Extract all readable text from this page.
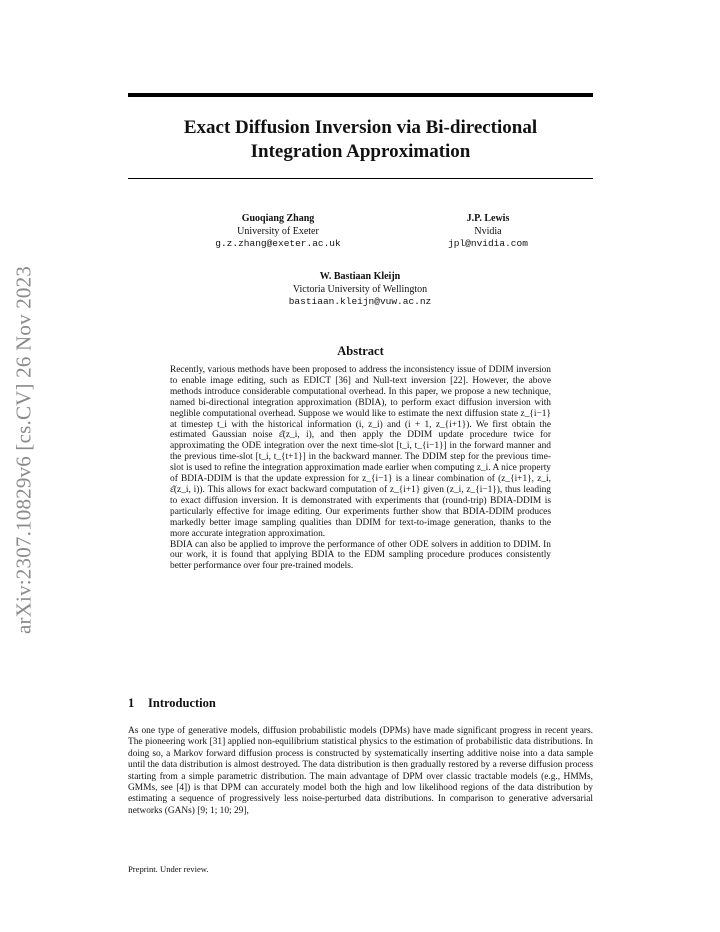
arXiv:2307.10829v6 [cs.CV] 26 Nov 2023
Exact Diffusion Inversion via Bi-directional
Integration Approximation
Guoqiang Zhang
University of Exeter
g.z.zhang@exeter.ac.uk
J.P. Lewis
Nvidia
jpl@nvidia.com
W. Bastiaan Kleijn
Victoria University of Wellington
bastiaan.kleijn@vuw.ac.nz
Abstract

Recently, various methods have been proposed to address the inconsistency issue of DDIM inversion to enable image editing, such as EDICT [36] and Null-text inversion [22]. However, the above methods introduce considerable computational overhead. In this paper, we propose a new technique, named bi-directional integration approximation (BDIA), to perform exact diffusion inversion with neglible computational overhead. Suppose we would like to estimate the next diffusion state z_{i−1} at timestep t_i with the historical information (i, z_i) and (i + 1, z_{i+1}). We first obtain the estimated Gaussian noise ε̂(z_i, i), and then apply the DDIM update procedure twice for approximating the ODE integration over the next time-slot [t_i, t_{i−1}] in the forward manner and the previous time-slot [t_i, t_{t+1}] in the backward manner. The DDIM step for the previous time-slot is used to refine the integration approximation made earlier when computing z_i. A nice property of BDIA-DDIM is that the update expression for z_{i−1} is a linear combination of (z_{i+1}, z_i, ε̂(z_i, i)). This allows for exact backward computation of z_{i+1} given (z_i, z_{i−1}), thus leading to exact diffusion inversion. It is demonstrated with experiments that (round-trip) BDIA-DDIM is particularly effective for image editing. Our experiments further show that BDIA-DDIM produces markedly better image sampling qualities than DDIM for text-to-image generation, thanks to the more accurate integration approximation.

BDIA can also be applied to improve the performance of other ODE solvers in addition to DDIM. In our work, it is found that applying BDIA to the EDM sampling procedure produces consistently better performance over four pre-trained models.

1 Introduction

As one type of generative models, diffusion probabilistic models (DPMs) have made significant progress in recent years. The pioneering work [31] applied non-equilibrium statistical physics to the estimation of probabilistic data distributions. In doing so, a Markov forward diffusion process is constructed by systematically inserting additive noise into a data sample until the data distribution is almost destroyed. The data distribution is then gradually restored by a reverse diffusion process starting from a simple parametric distribution. The main advantage of DPM over classic tractable models (e.g., HMMs, GMMs, see [4]) is that DPM can accurately model both the high and low likelihood regions of the data distribution by estimating a sequence of progressively less noise-perturbed data distributions. In comparison to generative adversarial networks (GANs) [9; 1; 10; 29],

Preprint. Under review.
